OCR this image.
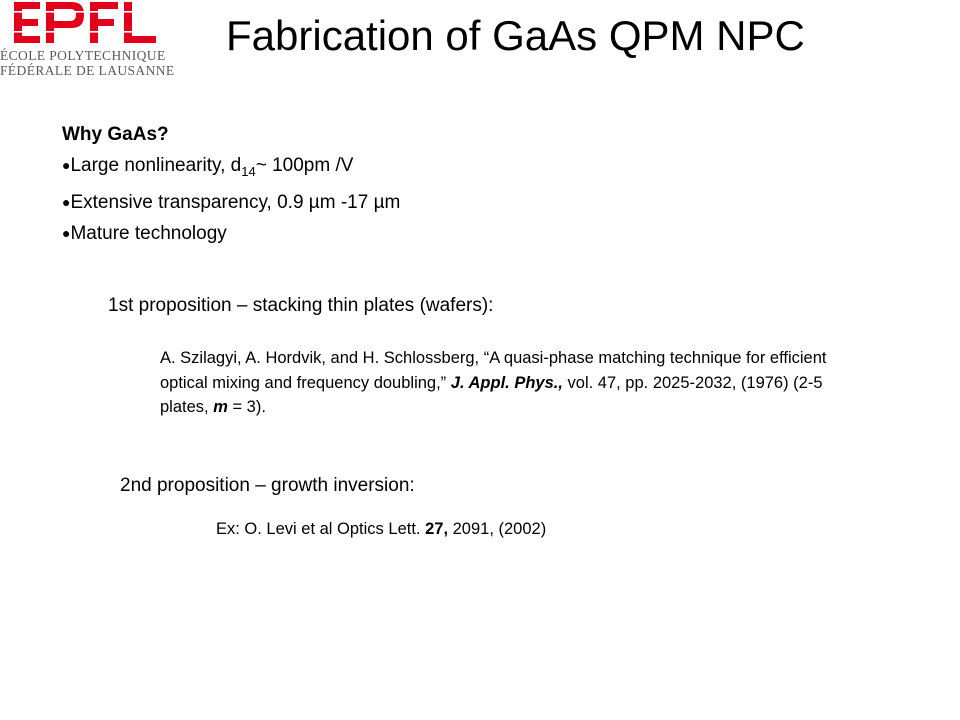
ÉCOLE POLYTECHNIQUE
FÉDÉRALE DE LAUSANNE
Fabrication of GaAs QPM NPC
Why GaAs?
●Large nonlinearity, $d_{14}\sim$ 100pm /V
●Extensive transparency, 0.9 µm -17 µm
●Mature technology
1st proposition – stacking thin plates (wafers):
A. Szilagyi, A. Hordvik, and H. Schlossberg, “A quasi-phase matching technique for efficient optical mixing and frequency doubling,” J. Appl. Phys., vol. 47, pp. 2025-2032, (1976) (2-5 plates, m = 3).
2nd proposition – growth inversion:
Ex: O. Levi et al Optics Lett. 27, 2091, (2002)
